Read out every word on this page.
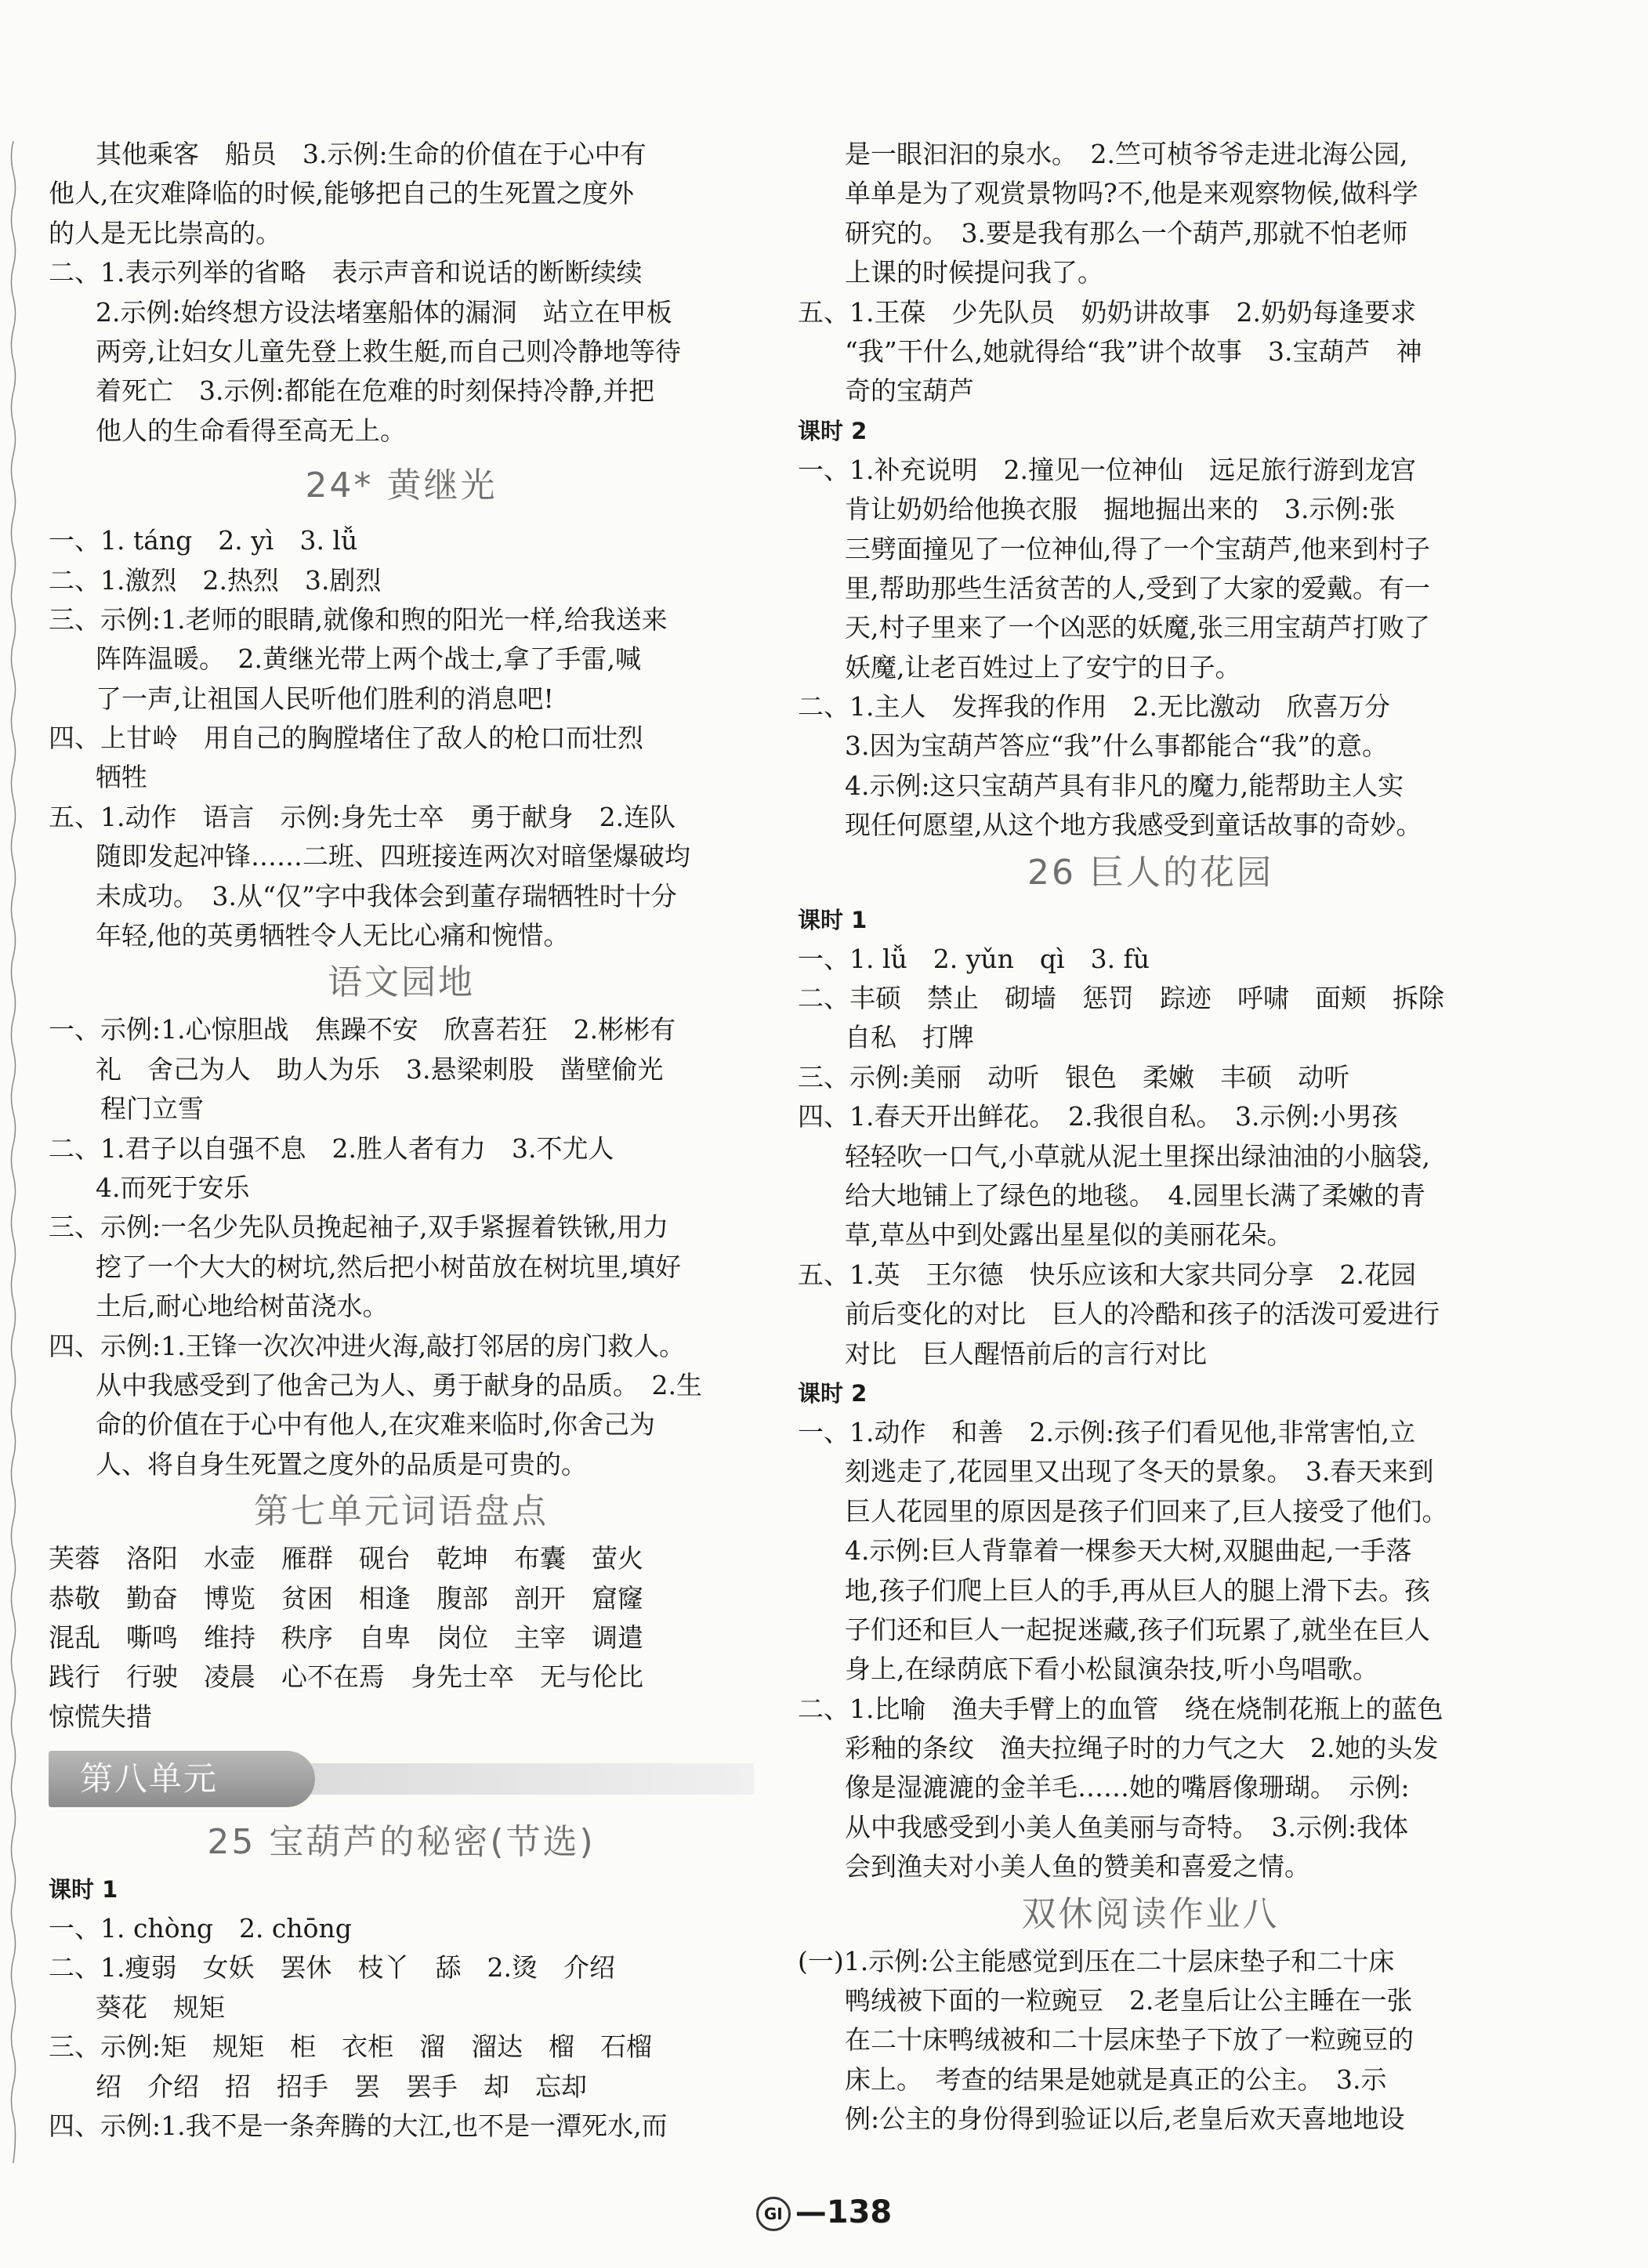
其他乘客　船员　3.示例:生命的价值在于心中有
他人,在灾难降临的时候,能够把自己的生死置之度外
的人是无比崇高的。
二、1.表示列举的省略　表示声音和说话的断断续续
2.示例:始终想方设法堵塞船体的漏洞　站立在甲板
两旁,让妇女儿童先登上救生艇,而自己则冷静地等待
着死亡　3.示例:都能在危难的时刻保持冷静,并把
他人的生命看得至高无上。
24* 黄继光
一、1. táng　2. yì　3. lǚ
二、1.激烈　2.热烈　3.剧烈
三、示例:1.老师的眼睛,就像和煦的阳光一样,给我送来
阵阵温暖。　2.黄继光带上两个战士,拿了手雷,喊
了一声,让祖国人民听他们胜利的消息吧!
四、上甘岭　用自己的胸膛堵住了敌人的枪口而壮烈
牺牲
五、1.动作　语言　示例:身先士卒　勇于献身　2.连队
随即发起冲锋……二班、四班接连两次对暗堡爆破均
未成功。　3.从“仅”字中我体会到董存瑞牺牲时十分
年轻,他的英勇牺牲令人无比心痛和惋惜。
语文园地
一、示例:1.心惊胆战　焦躁不安　欣喜若狂　2.彬彬有
礼　舍己为人　助人为乐　3.悬梁刺股　凿壁偷光
程门立雪
二、1.君子以自强不息　2.胜人者有力　3.不尤人
4.而死于安乐
三、示例:一名少先队员挽起袖子,双手紧握着铁锹,用力
挖了一个大大的树坑,然后把小树苗放在树坑里,填好
土后,耐心地给树苗浇水。
四、示例:1.王锋一次次冲进火海,敲打邻居的房门救人。
从中我感受到了他舍己为人、勇于献身的品质。　2.生
命的价值在于心中有他人,在灾难来临时,你舍己为
人、将自身生死置之度外的品质是可贵的。
第七单元词语盘点
芙蓉　洛阳　水壶　雁群　砚台　乾坤　布囊　萤火
恭敬　勤奋　博览　贫困　相逢　腹部　剖开　窟窿
混乱　嘶鸣　维持　秩序　自卑　岗位　主宰　调遣
践行　行驶　凌晨　心不在焉　身先士卒　无与伦比
惊慌失措
第八单元
25 宝葫芦的秘密(节选)
课时 1
一、1. chòng　2. chōng
二、1.瘦弱　女妖　罢休　枝丫　舔　2.烫　介绍
葵花　规矩
三、示例:矩　规矩　柜　衣柜　溜　溜达　榴　石榴
绍　介绍　招　招手　罢　罢手　却　忘却
四、示例:1.我不是一条奔腾的大江,也不是一潭死水,而
是一眼汩汩的泉水。　2.竺可桢爷爷走进北海公园,
单单是为了观赏景物吗?不,他是来观察物候,做科学
研究的。　3.要是我有那么一个葫芦,那就不怕老师
上课的时候提问我了。
五、1.王葆　少先队员　奶奶讲故事　2.奶奶每逢要求
“我”干什么,她就得给“我”讲个故事　3.宝葫芦　神
奇的宝葫芦
课时 2
一、1.补充说明　2.撞见一位神仙　远足旅行游到龙宫
肯让奶奶给他换衣服　掘地掘出来的　3.示例:张
三劈面撞见了一位神仙,得了一个宝葫芦,他来到村子
里,帮助那些生活贫苦的人,受到了大家的爱戴。有一
天,村子里来了一个凶恶的妖魔,张三用宝葫芦打败了
妖魔,让老百姓过上了安宁的日子。
二、1.主人　发挥我的作用　2.无比激动　欣喜万分
3.因为宝葫芦答应“我”什么事都能合“我”的意。
4.示例:这只宝葫芦具有非凡的魔力,能帮助主人实
现任何愿望,从这个地方我感受到童话故事的奇妙。
26 巨人的花园
课时 1
一、1. lǚ　2. yǔn　qì　3. fù
二、丰硕　禁止　砌墙　惩罚　踪迹　呼啸　面颊　拆除
自私　打牌
三、示例:美丽　动听　银色　柔嫩　丰硕　动听
四、1.春天开出鲜花。　2.我很自私。　3.示例:小男孩
轻轻吹一口气,小草就从泥土里探出绿油油的小脑袋,
给大地铺上了绿色的地毯。　4.园里长满了柔嫩的青
草,草丛中到处露出星星似的美丽花朵。
五、1.英　王尔德　快乐应该和大家共同分享　2.花园
前后变化的对比　巨人的冷酷和孩子的活泼可爱进行
对比　巨人醒悟前后的言行对比
课时 2
一、1.动作　和善　2.示例:孩子们看见他,非常害怕,立
刻逃走了,花园里又出现了冬天的景象。　3.春天来到
巨人花园里的原因是孩子们回来了,巨人接受了他们。
4.示例:巨人背靠着一棵参天大树,双腿曲起,一手落
地,孩子们爬上巨人的手,再从巨人的腿上滑下去。孩
子们还和巨人一起捉迷藏,孩子们玩累了,就坐在巨人
身上,在绿荫底下看小松鼠演杂技,听小鸟唱歌。
二、1.比喻　渔夫手臂上的血管　绕在烧制花瓶上的蓝色
彩釉的条纹　渔夫拉绳子时的力气之大　2.她的头发
像是湿漉漉的金羊毛……她的嘴唇像珊瑚。　示例:
从中我感受到小美人鱼美丽与奇特。　3.示例:我体
会到渔夫对小美人鱼的赞美和喜爱之情。
双休阅读作业八
(一)1.示例:公主能感觉到压在二十层床垫子和二十床
鸭绒被下面的一粒豌豆　2.老皇后让公主睡在一张
在二十床鸭绒被和二十层床垫子下放了一粒豌豆的
床上。　考查的结果是她就是真正的公主。　3.示
例:公主的身份得到验证以后,老皇后欢天喜地地设
GI —138
